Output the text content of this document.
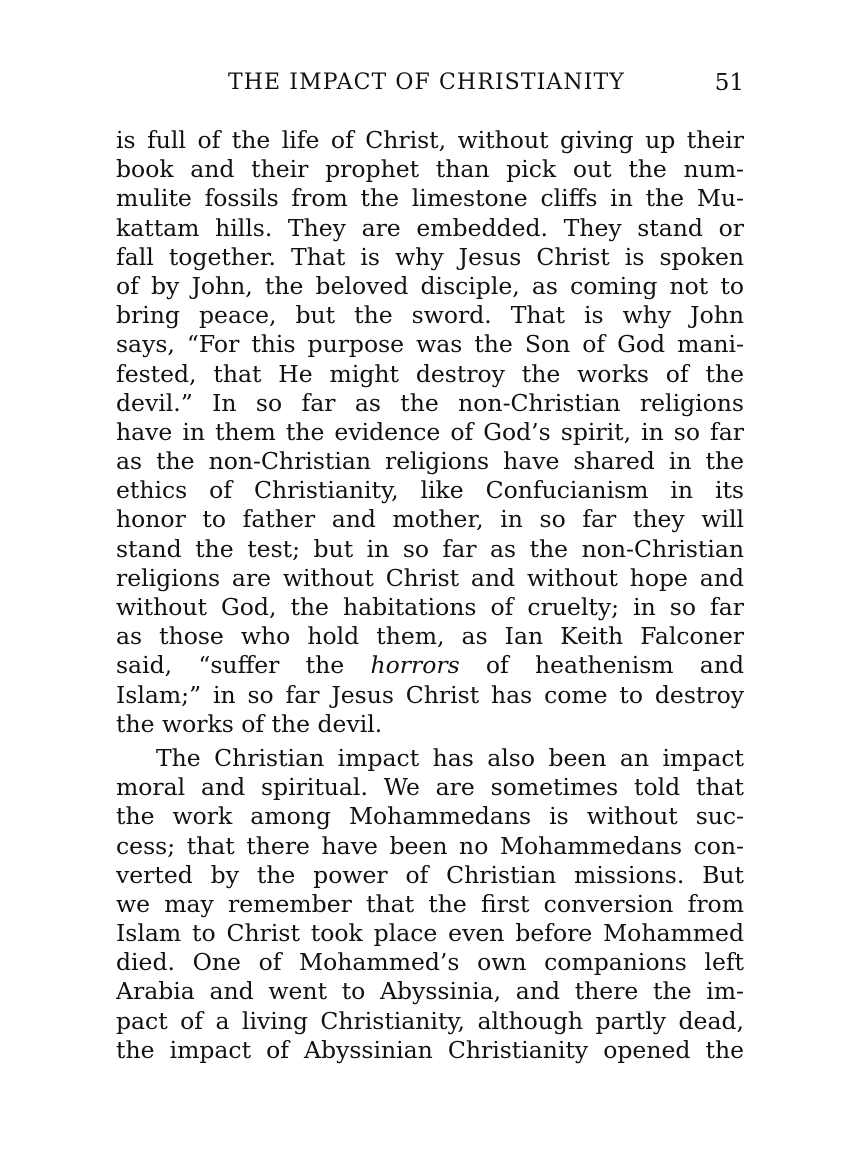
THE IMPACT OF CHRISTIANITY	51
is full of the life of Christ, without giving up their
book and their prophet than pick out the num-
mulite fossils from the limestone cliffs in the Mu-
kattam hills. They are embedded. They stand or
fall together. That is why Jesus Christ is spoken
of by John, the beloved disciple, as coming not to
bring peace, but the sword. That is why John
says, “For this purpose was the Son of God mani-
fested, that He might destroy the works of the
devil.” In so far as the non-Christian religions
have in them the evidence of God’s spirit, in so far
as the non-Christian religions have shared in the
ethics of Christianity, like Confucianism in its
honor to father and mother, in so far they will
stand the test; but in so far as the non-Christian
religions are without Christ and without hope and
without God, the habitations of cruelty; in so far
as those who hold them, as Ian Keith Falconer
said, “suffer the horrors of heathenism and
Islam;” in so far Jesus Christ has come to destroy
the works of the devil.
The Christian impact has also been an impact
moral and spiritual. We are sometimes told that
the work among Mohammedans is without suc-
cess; that there have been no Mohammedans con-
verted by the power of Christian missions. But
we may remember that the first conversion from
Islam to Christ took place even before Mohammed
died. One of Mohammed’s own companions left
Arabia and went to Abyssinia, and there the im-
pact of a living Christianity, although partly dead,
the impact of Abyssinian Christianity opened the
